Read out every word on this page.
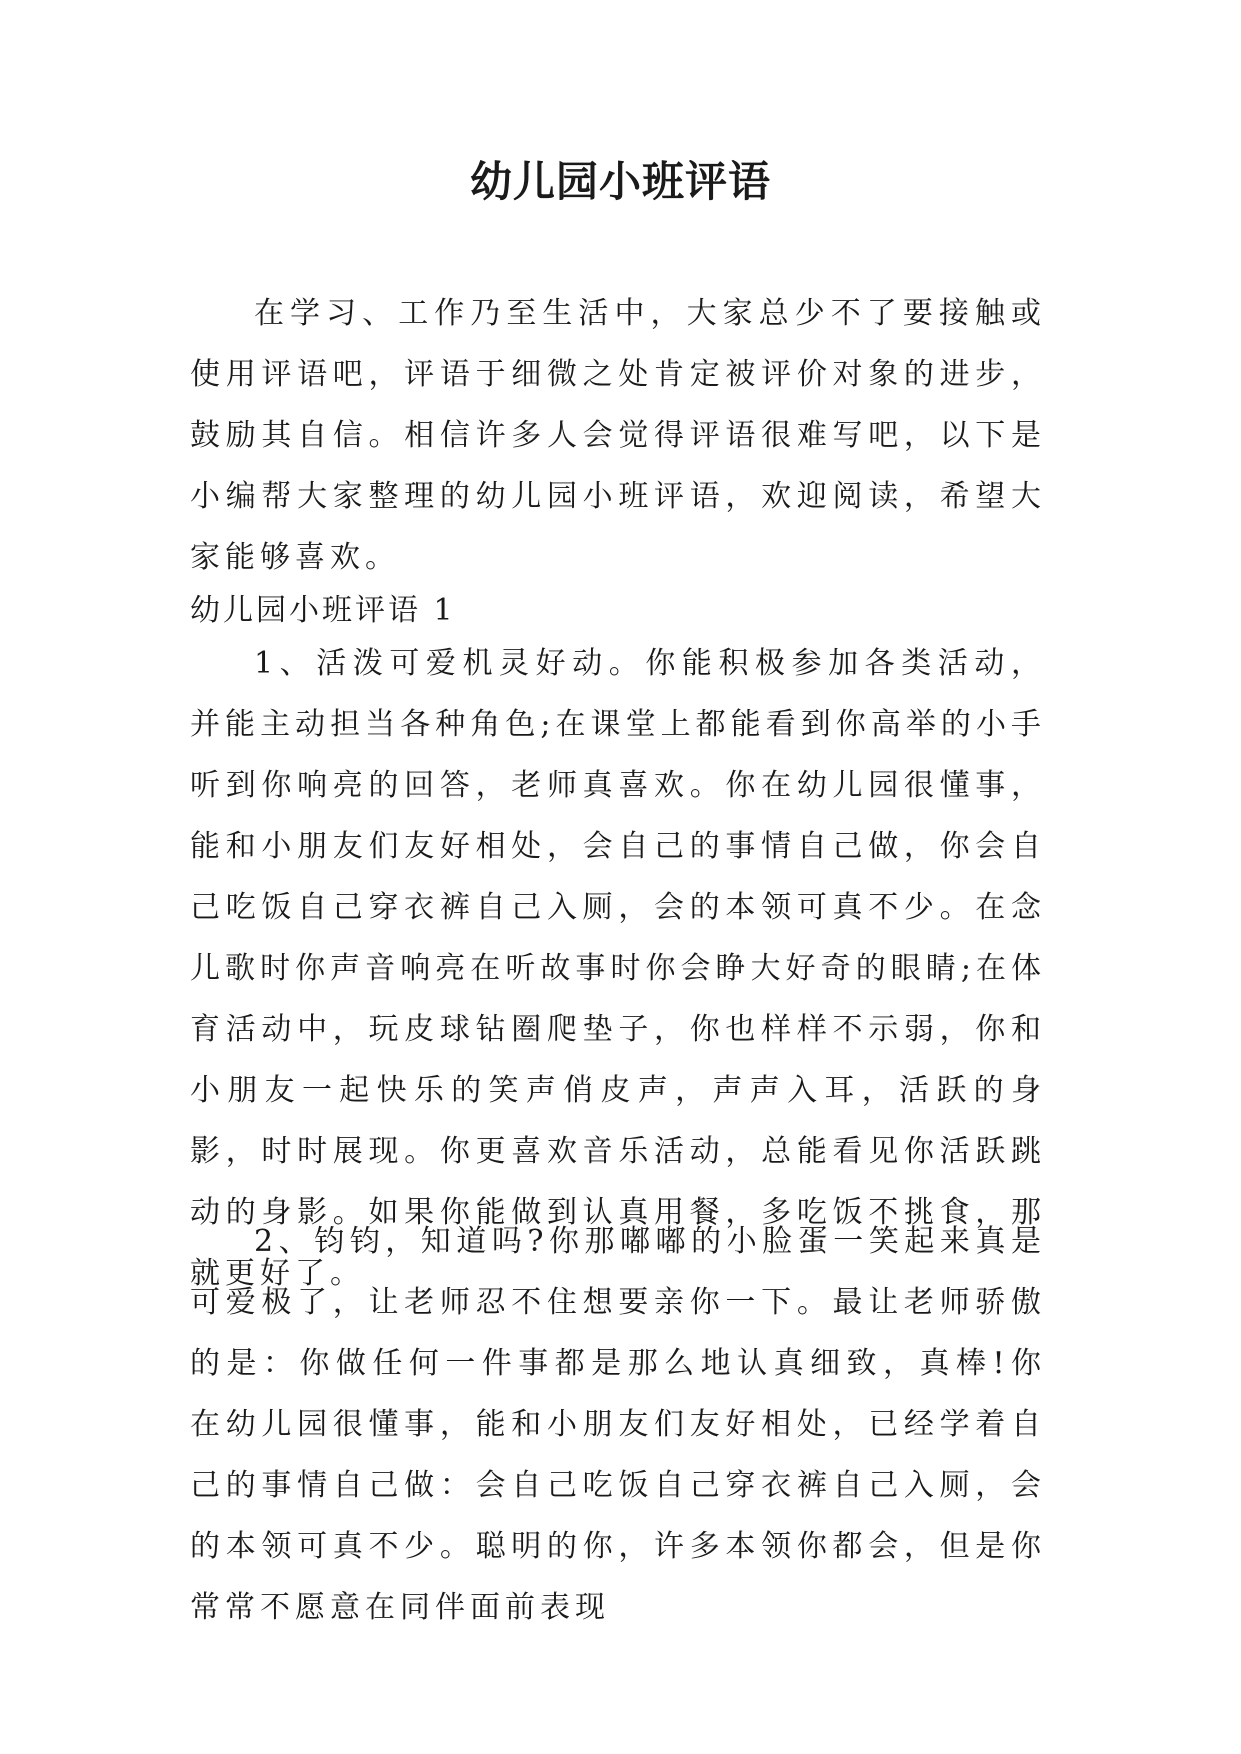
幼儿园小班评语

在学习、工作乃至生活中，大家总少不了要接触或使用评语吧，评语于细微之处肯定被评价对象的进步，鼓励其自信。相信许多人会觉得评语很难写吧，以下是小编帮大家整理的幼儿园小班评语，欢迎阅读，希望大家能够喜欢。

幼儿园小班评语 1

1、活泼可爱机灵好动。你能积极参加各类活动，并能主动担当各种角色;在课堂上都能看到你高举的小手听到你响亮的回答，老师真喜欢。你在幼儿园很懂事，能和小朋友们友好相处，会自己的事情自己做，你会自己吃饭自己穿衣裤自己入厕，会的本领可真不少。在念儿歌时你声音响亮在听故事时你会睁大好奇的眼睛;在体育活动中，玩皮球钻圈爬垫子，你也样样不示弱，你和小朋友一起快乐的笑声俏皮声，声声入耳，活跃的身影，时时展现。你更喜欢音乐活动，总能看见你活跃跳动的身影。如果你能做到认真用餐，多吃饭不挑食，那就更好了。

2、钧钧，知道吗?你那嘟嘟的小脸蛋一笑起来真是可爱极了，让老师忍不住想要亲你一下。最让老师骄傲的是：你做任何一件事都是那么地认真细致，真棒!你在幼儿园很懂事，能和小朋友们友好相处，已经学着自己的事情自己做：会自己吃饭自己穿衣裤自己入厕，会的本领可真不少。聪明的你，许多本领你都会，但是你常常不愿意在同伴面前表现
